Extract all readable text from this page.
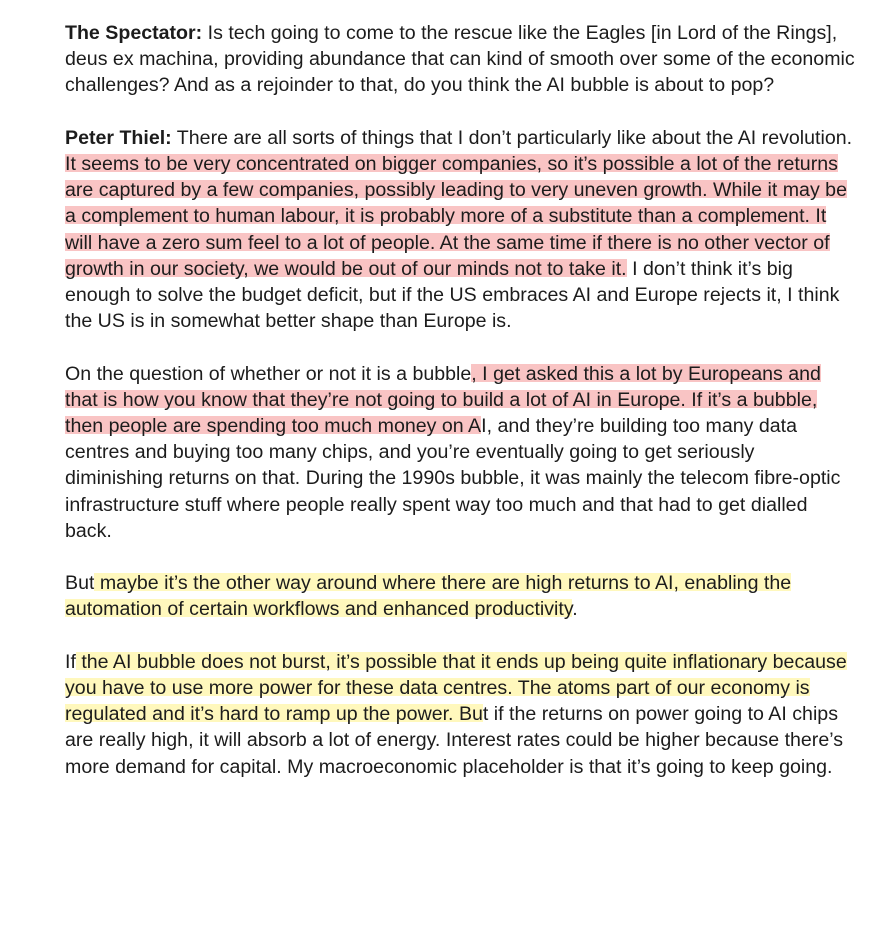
The Spectator: Is tech going to come to the rescue like the Eagles [in Lord of the Rings], deus ex machina, providing abundance that can kind of smooth over some of the economic challenges? And as a rejoinder to that, do you think the AI bubble is about to pop?

Peter Thiel: There are all sorts of things that I don’t particularly like about the AI revolution. It seems to be very concentrated on bigger companies, so it’s possible a lot of the returns are captured by a few companies, possibly leading to very uneven growth. While it may be a complement to human labour, it is probably more of a substitute than a complement. It will have a zero sum feel to a lot of people. At the same time if there is no other vector of growth in our society, we would be out of our minds not to take it. I don’t think it’s big enough to solve the budget deficit, but if the US embraces AI and Europe rejects it, I think the US is in somewhat better shape than Europe is.

On the question of whether or not it is a bubble, I get asked this a lot by Europeans and that is how you know that they’re not going to build a lot of AI in Europe. If it’s a bubble, then people are spending too much money on AI, and they’re building too many data centres and buying too many chips, and you’re eventually going to get seriously diminishing returns on that. During the 1990s bubble, it was mainly the telecom fibre-optic infrastructure stuff where people really spent way too much and that had to get dialled back.

But maybe it’s the other way around where there are high returns to AI, enabling the automation of certain workflows and enhanced productivity.

If the AI bubble does not burst, it’s possible that it ends up being quite inflationary because you have to use more power for these data centres. The atoms part of our economy is regulated and it’s hard to ramp up the power. But if the returns on power going to AI chips are really high, it will absorb a lot of energy. Interest rates could be higher because there’s more demand for capital. My macroeconomic placeholder is that it’s going to keep going.
